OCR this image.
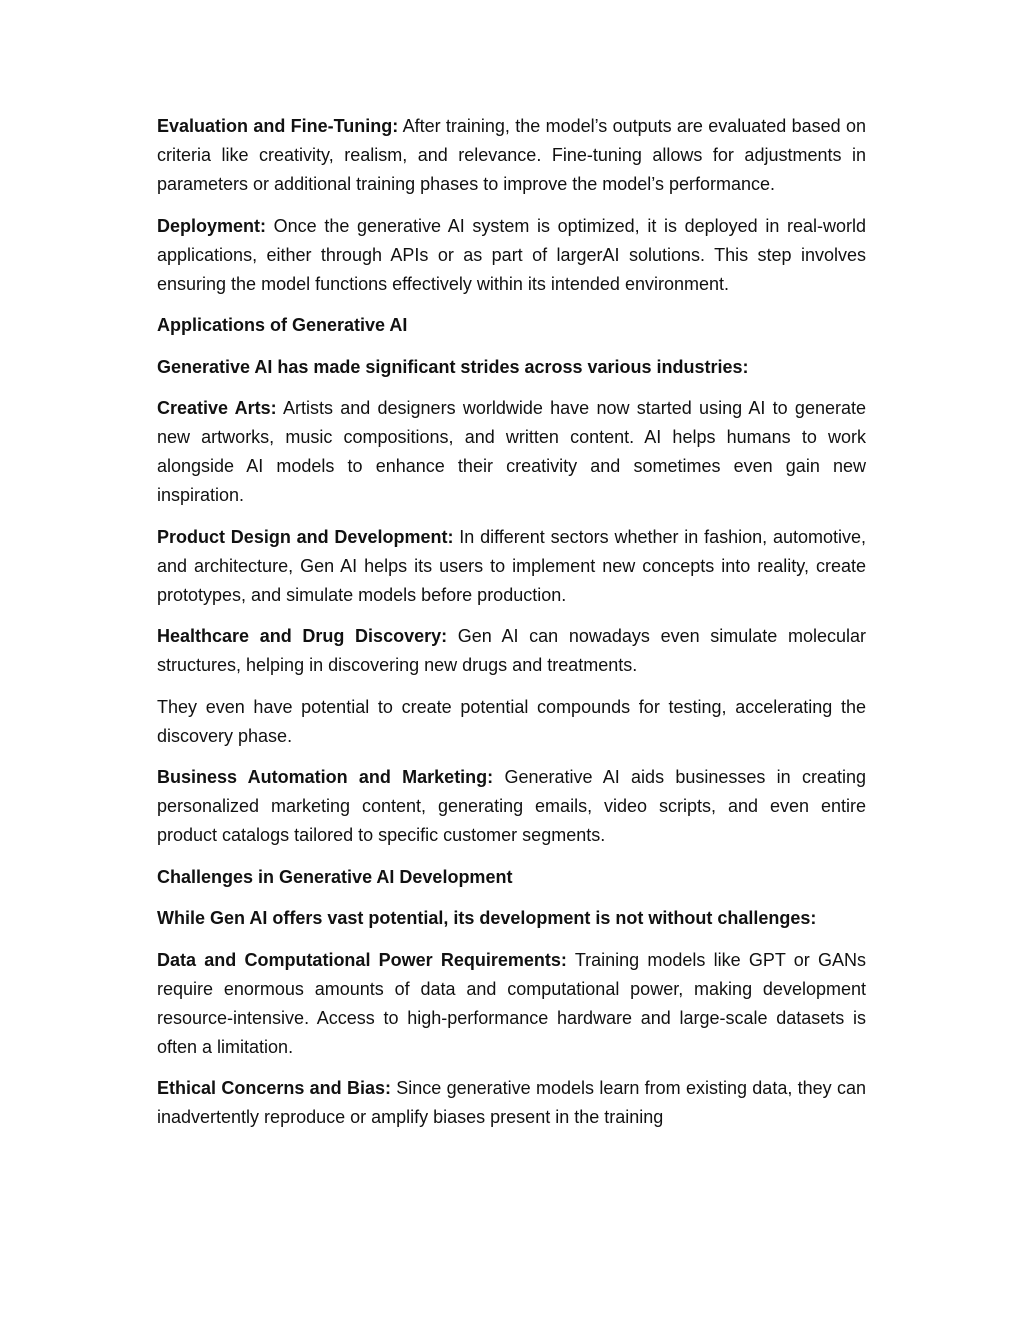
Evaluation and Fine-Tuning: After training, the model’s outputs are evaluated based on criteria like creativity, realism, and relevance. Fine-tuning allows for adjustments in parameters or additional training phases to improve the model’s performance.

Deployment: Once the generative AI system is optimized, it is deployed in real-world applications, either through APIs or as part of largerAI solutions. This step involves ensuring the model functions effectively within its intended environment.

Applications of Generative AI

Generative AI has made significant strides across various industries:

Creative Arts: Artists and designers worldwide have now started using AI to generate new artworks, music compositions, and written content. AI helps humans to work alongside AI models to enhance their creativity and sometimes even gain new inspiration.

Product Design and Development: In different sectors whether in fashion, automotive, and architecture, Gen AI helps its users to implement new concepts into reality, create prototypes, and simulate models before production.

Healthcare and Drug Discovery: Gen AI can nowadays even simulate molecular structures, helping in discovering new drugs and treatments.

They even have potential to create potential compounds for testing, accelerating the discovery phase.

Business Automation and Marketing: Generative AI aids businesses in creating personalized marketing content, generating emails, video scripts, and even entire product catalogs tailored to specific customer segments.

Challenges in Generative AI Development

While Gen AI offers vast potential, its development is not without challenges:

Data and Computational Power Requirements: Training models like GPT or GANs require enormous amounts of data and computational power, making development resource-intensive. Access to high-performance hardware and large-scale datasets is often a limitation.

Ethical Concerns and Bias: Since generative models learn from existing data, they can inadvertently reproduce or amplify biases present in the training
